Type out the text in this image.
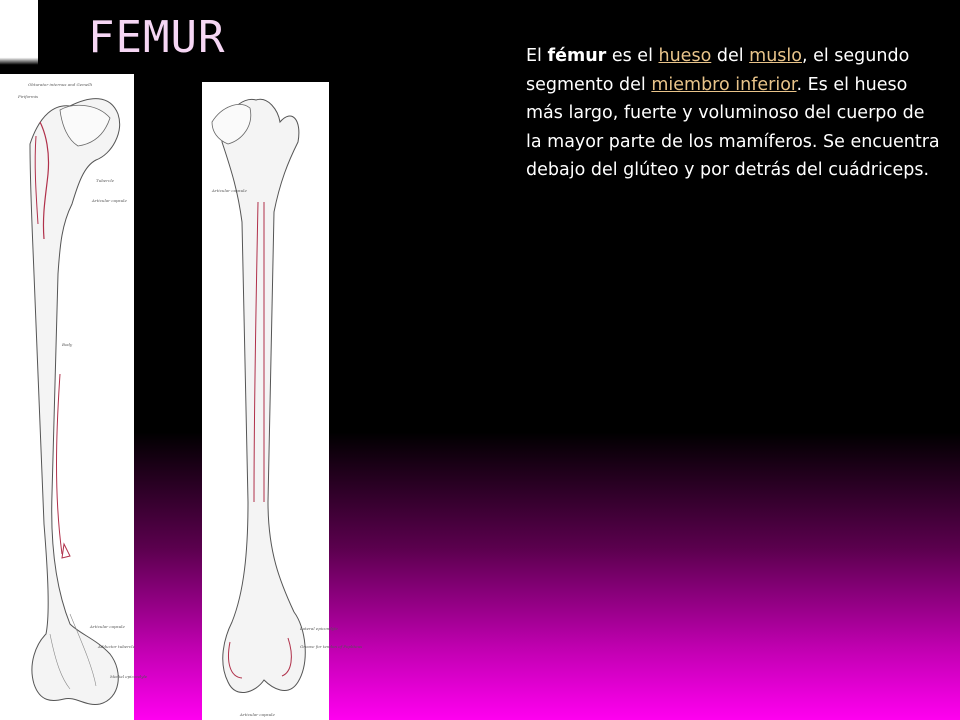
FEMUR	El fémur es el hueso del muslo, el segundo segmento del miembro inferior. Es el hueso más largo, fuerte y voluminoso del cuerpo de la mayor parte de los mamíferos. Se encuentra debajo del glúteo y por detrás del cuádriceps.

Obturator internus and Gemelli
Piriformis
Tubercle
Articular capsule
Body
Articular capsule
Adductor tubercle
Medial epicondyle
Articular capsule
Lateral epicondyle
Groove for tendon of Popliteus
Articular capsule
